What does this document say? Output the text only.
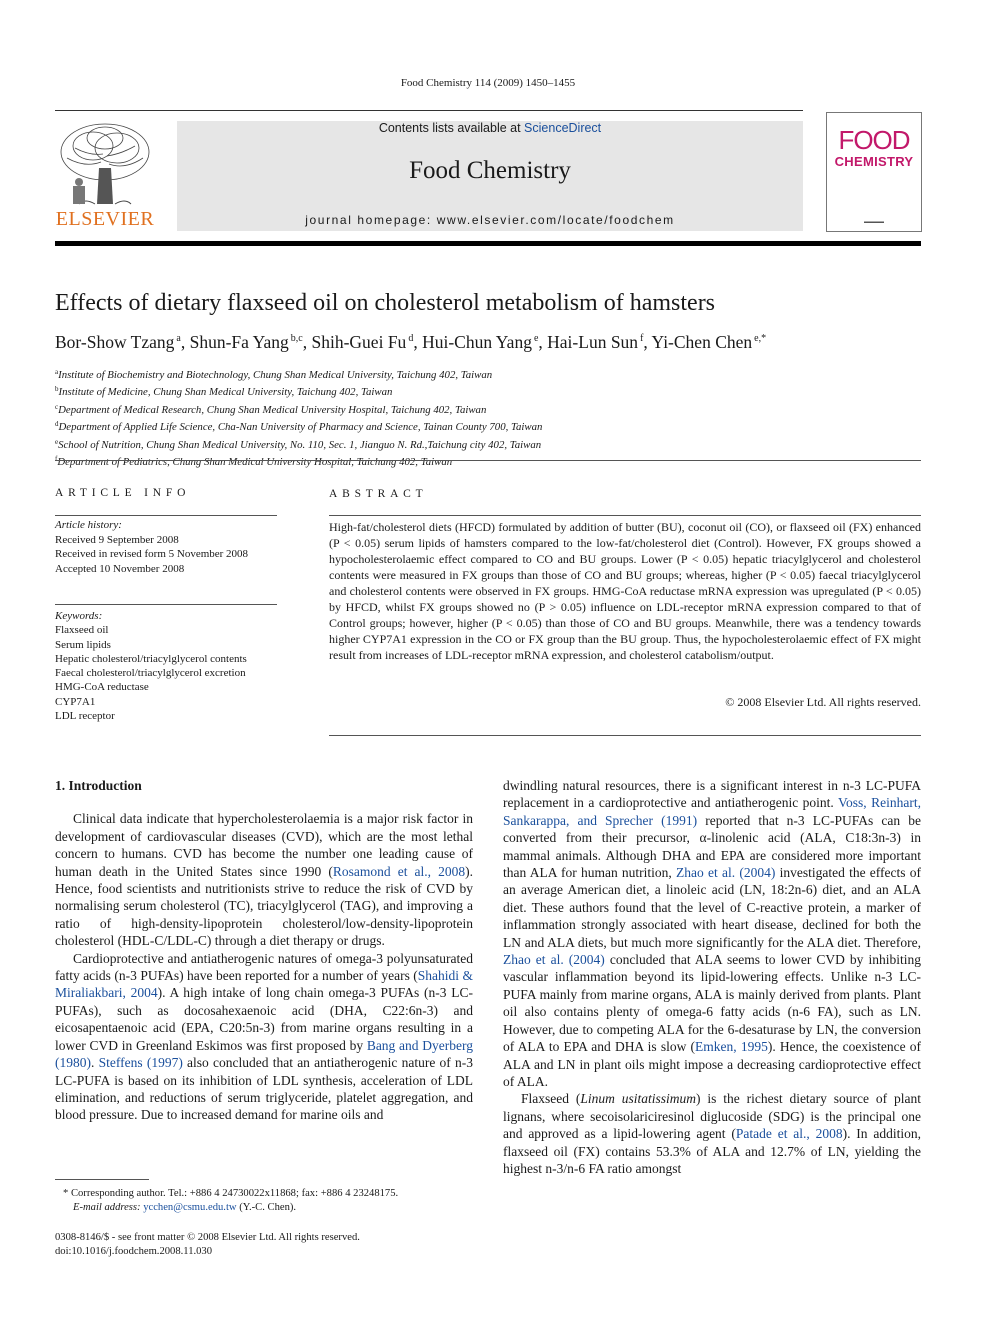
Food Chemistry 114 (2009) 1450–1455
ELSEVIER
Contents lists available at ScienceDirect
Food Chemistry
journal homepage: www.elsevier.com/locate/foodchem
FOOD
CHEMISTRY
▬▬▬▬
Effects of dietary flaxseed oil on cholesterol metabolism of hamsters
Bor-Show Tzang $^a$, Shun-Fa Yang $^{b,c}$, Shih-Guei Fu $^d$, Hui-Chun Yang $^e$, Hai-Lun Sun $^f$, Yi-Chen Chen $^{e,*}$
$^a$Institute of Biochemistry and Biotechnology, Chung Shan Medical University, Taichung 402, Taiwan
$^b$Institute of Medicine, Chung Shan Medical University, Taichung 402, Taiwan
$^c$Department of Medical Research, Chung Shan Medical University Hospital, Taichung 402, Taiwan
$^d$Department of Applied Life Science, Cha-Nan University of Pharmacy and Science, Tainan County 700, Taiwan
$^e$School of Nutrition, Chung Shan Medical University, No. 110, Sec. 1, Jianguo N. Rd.,Taichung city 402, Taiwan
$^f$Department of Pediatrics, Chung Shan Medical University Hospital, Taichung 402, Taiwan
ARTICLE INFO
Article history:
Received 9 September 2008
Received in revised form 5 November 2008
Accepted 10 November 2008
Keywords:
Flaxseed oil
Serum lipids
Hepatic cholesterol/triacylglycerol contents
Faecal cholesterol/triacylglycerol excretion
HMG-CoA reductase
CYP7A1
LDL receptor
ABSTRACT
High-fat/cholesterol diets (HFCD) formulated by addition of butter (BU), coconut oil (CO), or flaxseed oil (FX) enhanced (P < 0.05) serum lipids of hamsters compared to the low-fat/cholesterol diet (Control). However, FX groups showed a hypocholesterolaemic effect compared to CO and BU groups. Lower (P < 0.05) hepatic triacylglycerol and cholesterol contents were measured in FX groups than those of CO and BU groups; whereas, higher (P < 0.05) faecal triacylglycerol and cholesterol contents were observed in FX groups. HMG-CoA reductase mRNA expression was upregulated (P < 0.05) by HFCD, whilst FX groups showed no (P > 0.05) influence on LDL-receptor mRNA expression compared to that of Control groups; however, higher (P < 0.05) than those of CO and BU groups. Meanwhile, there was a tendency towards higher CYP7A1 expression in the CO or FX group than the BU group. Thus, the hypocholesterolaemic effect of FX might result from increases of LDL-receptor mRNA expression, and cholesterol catabolism/output.
© 2008 Elsevier Ltd. All rights reserved.
1. Introduction

Clinical data indicate that hypercholesterolaemia is a major risk factor in development of cardiovascular diseases (CVD), which are the most lethal concern to humans. CVD has become the number one leading cause of human death in the United States since 1990 (Rosamond et al., 2008). Hence, food scientists and nutritionists strive to reduce the risk of CVD by normalising serum cholesterol (TC), triacylglycerol (TAG), and improving a ratio of high-density-lipoprotein cholesterol/low-density-lipoprotein cholesterol (HDL-C/LDL-C) through a diet therapy or drugs.

Cardioprotective and antiatherogenic natures of omega-3 polyunsaturated fatty acids (n-3 PUFAs) have been reported for a number of years (Shahidi & Miraliakbari, 2004). A high intake of long chain omega-3 PUFAs (n-3 LC-PUFAs), such as docosahexaenoic acid (DHA, C22:6n-3) and eicosapentaenoic acid (EPA, C20:5n-3) from marine organs resulting in a lower CVD in Greenland Eskimos was first proposed by Bang and Dyerberg (1980). Steffens (1997) also concluded that an antiatherogenic nature of n-3 LC-PUFA is based on its inhibition of LDL synthesis, acceleration of LDL elimination, and reductions of serum triglyceride, platelet aggregation, and blood pressure. Due to increased demand for marine oils and

dwindling natural resources, there is a significant interest in n-3 LC-PUFA replacement in a cardioprotective and antiatherogenic point. Voss, Reinhart, Sankarappa, and Sprecher (1991) reported that n-3 LC-PUFAs can be converted from their precursor, α-linolenic acid (ALA, C18:3n-3) in mammal animals. Although DHA and EPA are considered more important than ALA for human nutrition, Zhao et al. (2004) investigated the effects of an average American diet, a linoleic acid (LN, 18:2n-6) diet, and an ALA diet. These authors found that the level of C-reactive protein, a marker of inflammation strongly associated with heart disease, declined for both the LN and ALA diets, but much more significantly for the ALA diet. Therefore, Zhao et al. (2004) concluded that ALA seems to lower CVD by inhibiting vascular inflammation beyond its lipid-lowering effects. Unlike n-3 LC-PUFA mainly from marine organs, ALA is mainly derived from plants. Plant oil also contains plenty of omega-6 fatty acids (n-6 FA), such as LN. However, due to competing ALA for the 6-desaturase by LN, the conversion of ALA to EPA and DHA is slow (Emken, 1995). Hence, the coexistence of ALA and LN in plant oils might impose a decreasing cardioprotective effect of ALA.

Flaxseed (Linum usitatissimum) is the richest dietary source of plant lignans, where secoisolariciresinol diglucoside (SDG) is the principal one and approved as a lipid-lowering agent (Patade et al., 2008). In addition, flaxseed oil (FX) contains 53.3% of ALA and 12.7% of LN, yielding the highest n-3/n-6 FA ratio amongst

* Corresponding author. Tel.: +886 4 24730022x11868; fax: +886 4 23248175.
E-mail address: ycchen@csmu.edu.tw (Y.-C. Chen).
0308-8146/$ - see front matter © 2008 Elsevier Ltd. All rights reserved.
doi:10.1016/j.foodchem.2008.11.030
